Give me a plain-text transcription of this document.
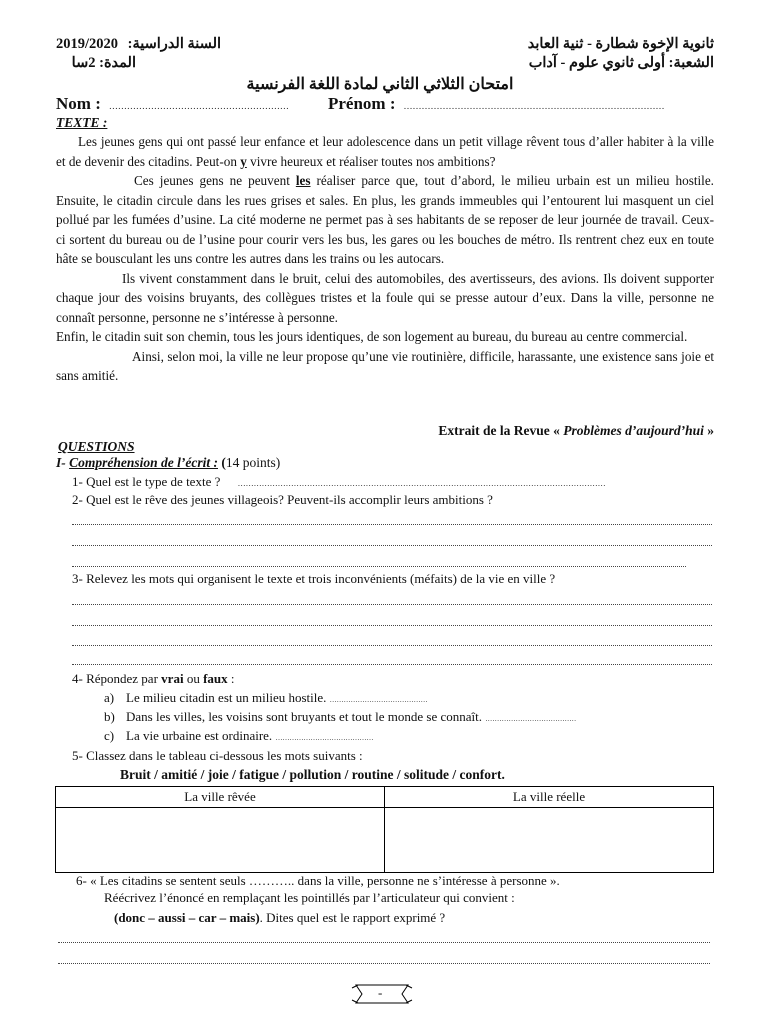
ثانوية الإخوة شطارة - ثنية العابد
2019/2020 السنة الدراسية:
الشعبة: أولى ثانوي علوم - آداب
المدة: 2سا
امتحان الثلاثي الثاني لمادة اللغة الفرنسية
Nom : …………………………………………………… Prénom : ……………………………………………………………………………
TEXTE :

Les jeunes gens qui ont passé leur enfance et leur adolescence dans un petit village rêvent tous d’aller habiter à la ville et de devenir des citadins. Peut-on y vivre heureux et réaliser toutes nos ambitions?

Ces jeunes gens ne peuvent les réaliser parce que, tout d’abord, le milieu urbain est un milieu hostile. Ensuite, le citadin circule dans les rues grises et sales. En plus, les grands immeubles qui l’entourent lui masquent un ciel pollué par les fumées d’usine. La cité moderne ne permet pas à ses habitants de se reposer de leur journée de travail. Ceux-ci sortent du bureau ou de l’usine pour courir vers les bus, les gares ou les bouches de métro. Ils rentrent chez eux en toute hâte se bousculant les uns contre les autres dans les trains ou les autocars.

Ils vivent constamment dans le bruit, celui des automobiles, des avertisseurs, des avions. Ils doivent supporter chaque jour des voisins bruyants, des collègues tristes et la foule qui se presse autour d’eux. Dans la ville, personne ne connaît personne, personne ne s’intéresse à personne.

Enfin, le citadin suit son chemin, tous les jours identiques, de son logement au bureau, du bureau au centre commercial.

Ainsi, selon moi, la ville ne leur propose qu’une vie routinière, difficile, harassante, une existence sans joie et sans amitié.

Extrait de la Revue « Problèmes d’aujourd’hui »
QUESTIONS
I- Compréhension de l’écrit : (14 points)
1- Quel est le type de texte ? …………………………………………………………………………………………………………………………
2- Quel est le rêve des jeunes villageois? Peuvent-ils accomplir leurs ambitions ?
3- Relevez les mots qui organisent le texte et trois inconvénients (méfaits) de la vie en ville ?
4- Répondez par vrai ou faux :
a) Le milieu citadin est un milieu hostile. ……………………………………
b) Dans les villes, les voisins sont bruyants et tout le monde se connaît. …………………………………
c) La vie urbaine est ordinaire. ……………………………………
5- Classez dans le tableau ci-dessous les mots suivants :
Bruit / amitié / joie / fatigue / pollution / routine / solitude / confort.
La ville rêvée	La ville réelle

6- « Les citadins se sentent seuls ……….. dans la ville, personne ne s’intéresse à personne ».
Réécrivez l’énoncé en remplaçant les pointillés par l’articulateur qui convient :
(donc – aussi – car – mais). Dites quel est le rapport exprimé ?
-
